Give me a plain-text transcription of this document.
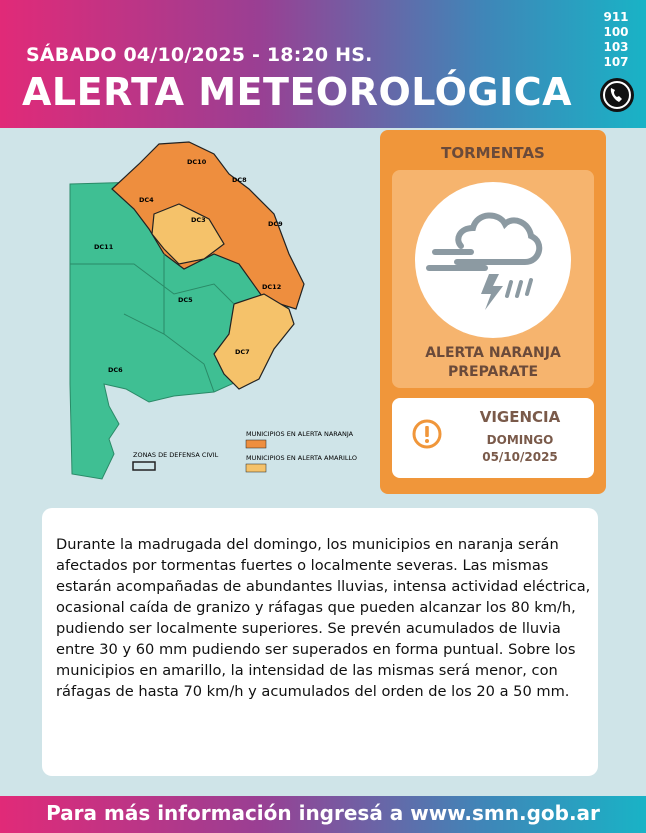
SÁBADO 04/10/2025 - 18:20 HS.
ALERTA METEOROLÓGICA
911
100
103
107
DC10
DC8
DC4
DC3	DC9
DC11
DC12
DC5
DC7
DC6
MUNICIPIOS EN ALERTA NARANJA
MUNICIPIOS EN ALERTA AMARILLO
ZONAS DE DEFENSA CIVIL
TORMENTAS
ALERTA NARANJA
PREPARATE
VIGENCIA
DOMINGO
05/10/2025
Durante la madrugada del domingo, los municipios en naranja serán afectados por tormentas fuertes o localmente severas. Las mismas estarán acompañadas de abundantes lluvias, intensa actividad eléctrica, ocasional caída de granizo y ráfagas que pueden alcanzar los 80 km/h, pudiendo ser localmente superiores. Se prevén acumulados de lluvia entre 30 y 60 mm pudiendo ser superados en forma puntual. Sobre los municipios en amarillo, la intensidad de las mismas será menor, con ráfagas de hasta 70 km/h y acumulados del orden de los 20 a 50 mm.
Para más información ingresá a www.smn.gob.ar
